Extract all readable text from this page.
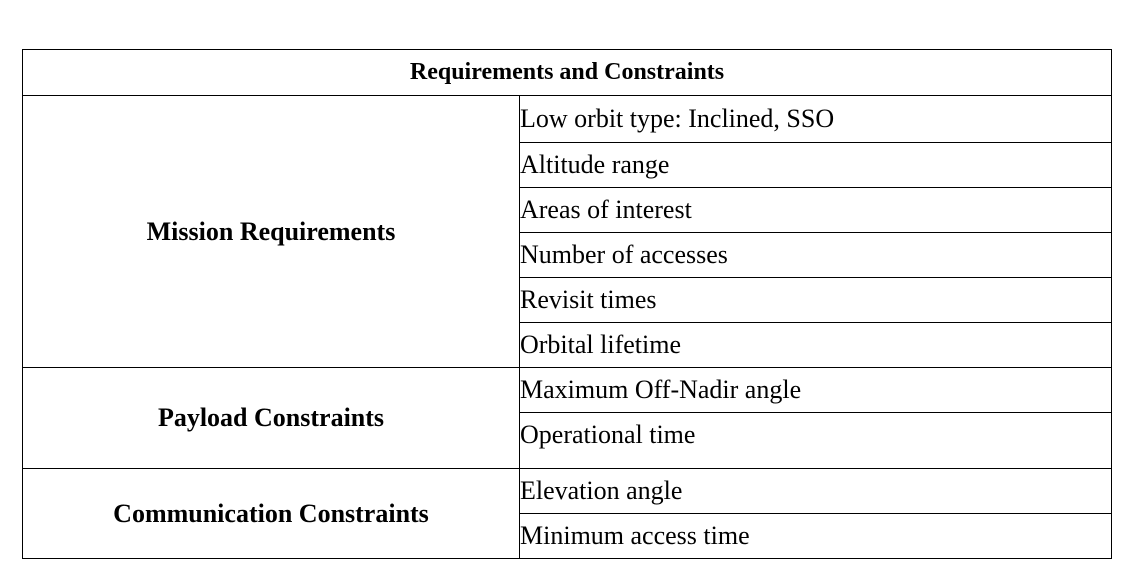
Requirements and Constraints	
Mission Requirements	Low orbit type: Inclined, SSO
	Altitude range
	Areas of interest
	Number of accesses
	Revisit times
	Orbital lifetime
Payload Constraints	Maximum Off-Nadir angle
	Operational time
Communication Constraints	Elevation angle
	Minimum access time
